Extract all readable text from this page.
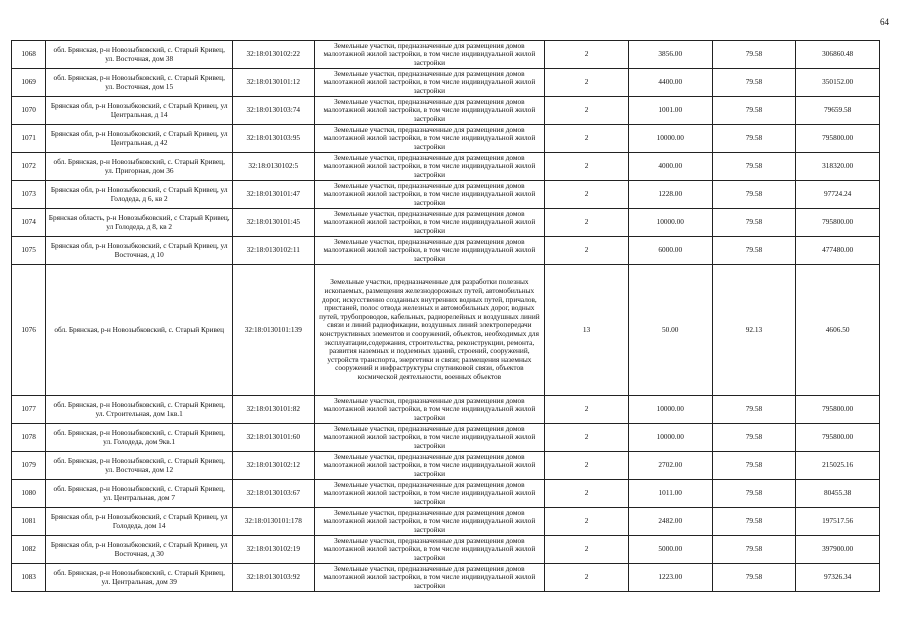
64
1068	обл. Брянская, р-н Новозыбковский, с. Старый Кривец, ул. Восточная, дом 38	32:18:0130102:22	Земельные участки, предназначенные для размещения домов малоэтажной жилой застройки, в том числе индивидуальной жилой застройки	2	3856.00	79.58	306860.48
1069	обл. Брянская, р-н Новозыбковский, с. Старый Кривец, ул. Восточная, дом 15	32:18:0130101:12	Земельные участки, предназначенные для размещения домов малоэтажной жилой застройки, в том числе индивидуальной жилой застройки	2	4400.00	79.58	350152.00
1070	Брянская обл, р-н Новозыбковский, с Старый Кривец, ул Центральная, д 14	32:18:0130103:74	Земельные участки, предназначенные для размещения домов малоэтажной жилой застройки, в том числе индивидуальной жилой застройки	2	1001.00	79.58	79659.58
1071	Брянская обл, р-н Новозыбковский, с Старый Кривец, ул Центральная, д 42	32:18:0130103:95	Земельные участки, предназначенные для размещения домов малоэтажной жилой застройки, в том числе индивидуальной жилой застройки	2	10000.00	79.58	795800.00
1072	обл. Брянская, р-н Новозыбковский, с. Старый Кривец, ул. Пригорная, дом 36	32:18:0130102:5	Земельные участки, предназначенные для размещения домов малоэтажной жилой застройки, в том числе индивидуальной жилой застройки	2	4000.00	79.58	318320.00
1073	Брянская обл, р-н Новозыбковский, с Старый Кривец, ул Голодеда, д 6, кв 2	32:18:0130101:47	Земельные участки, предназначенные для размещения домов малоэтажной жилой застройки, в том числе индивидуальной жилой застройки	2	1228.00	79.58	97724.24
1074	Брянская область, р-н Новозыбковский, с Старый Кривец, ул Голодеда, д 8, кв 2	32:18:0130101:45	Земельные участки, предназначенные для размещения домов малоэтажной жилой застройки, в том числе индивидуальной жилой застройки	2	10000.00	79.58	795800.00
1075	Брянская обл, р-н Новозыбковский, с Старый Кривец, ул Восточная, д 10	32:18:0130102:11	Земельные участки, предназначенные для размещения домов малоэтажной жилой застройки, в том числе индивидуальной жилой застройки	2	6000.00	79.58	477480.00
1076	обл. Брянская, р-н Новозыбковский, с. Старый Кривец	32:18:0130101:139	Земельные участки, предназначенные для разработки полезных ископаемых, размещения железнодорожных путей, автомобильных дорог, искусственно созданных внутренних водных путей, причалов, пристаней, полос отвода железных и автомобильных дорог, водных путей, трубопроводов, кабельных, радиорелейных и воздушных линий связи и линий радиофикации, воздушных линий электропередачи конструктивных элементов и сооружений, объектов, необходимых для эксплуатации,содержания, строительства, реконструкции, ремонта, развития наземных и подземных зданий, строений, сооружений, устройств транспорта, энергетики и связи; размещения наземных сооружений и инфраструктуры спутниковой связи, объектов космической деятельности, военных объектов	13	50.00	92.13	4606.50
1077	обл. Брянская, р-н Новозыбковский, с. Старый Кривец, ул. Строительная, дом 1кв.1	32:18:0130101:82	Земельные участки, предназначенные для размещения домов малоэтажной жилой застройки, в том числе индивидуальной жилой застройки	2	10000.00	79.58	795800.00
1078	обл. Брянская, р-н Новозыбковский, с. Старый Кривец, ул. Голодеда, дом 9кв.1	32:18:0130101:60	Земельные участки, предназначенные для размещения домов малоэтажной жилой застройки, в том числе индивидуальной жилой застройки	2	10000.00	79.58	795800.00
1079	обл. Брянская, р-н Новозыбковский, с. Старый Кривец, ул. Восточная, дом 12	32:18:0130102:12	Земельные участки, предназначенные для размещения домов малоэтажной жилой застройки, в том числе индивидуальной жилой застройки	2	2702.00	79.58	215025.16
1080	обл. Брянская, р-н Новозыбковский, с. Старый Кривец, ул. Центральная, дом 7	32:18:0130103:67	Земельные участки, предназначенные для размещения домов малоэтажной жилой застройки, в том числе индивидуальной жилой застройки	2	1011.00	79.58	80455.38
1081	Брянская обл, р-н Новозыбковский, с Старый Кривец, ул Голодеда, дом 14	32:18:0130101:178	Земельные участки, предназначенные для размещения домов малоэтажной жилой застройки, в том числе индивидуальной жилой застройки	2	2482.00	79.58	197517.56
1082	Брянская обл, р-н Новозыбковский, с Старый Кривец, ул Восточная, д 30	32:18:0130102:19	Земельные участки, предназначенные для размещения домов малоэтажной жилой застройки, в том числе индивидуальной жилой застройки	2	5000.00	79.58	397900.00
1083	обл. Брянская, р-н Новозыбковский, с. Старый Кривец, ул. Центральная, дом 39	32:18:0130103:92	Земельные участки, предназначенные для размещения домов малоэтажной жилой застройки, в том числе индивидуальной жилой застройки	2	1223.00	79.58	97326.34
